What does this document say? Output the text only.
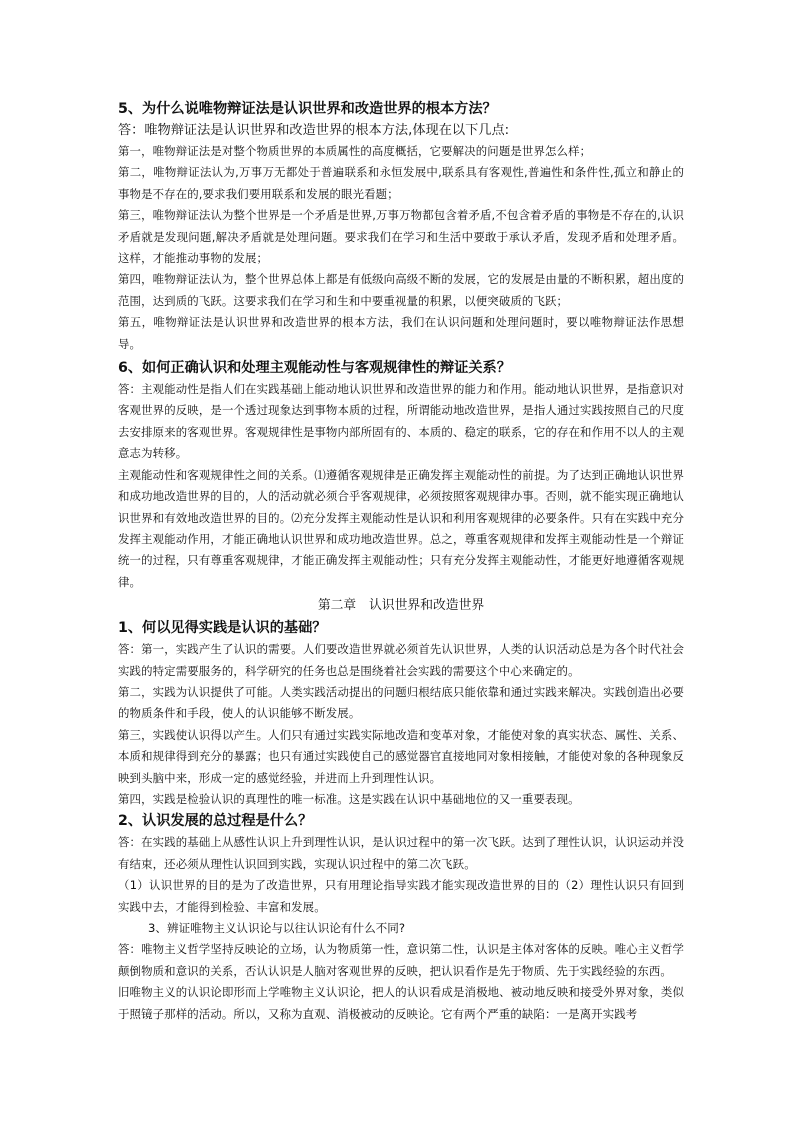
5、为什么说唯物辩证法是认识世界和改造世界的根本方法？

答：唯物辩证法是认识世界和改造世界的根本方法,体现在以下几点:

第一，唯物辩证法是对整个物质世界的本质属性的高度概括，它要解决的问题是世界怎么样；

第二，唯物辩证法认为,万事万无都处于普遍联系和永恒发展中,联系具有客观性,普遍性和条件性,孤立和静止的事物是不存在的,要求我们要用联系和发展的眼光看题；

第三，唯物辩证法认为整个世界是一个矛盾是世界,万事万物都包含着矛盾,不包含着矛盾的事物是不存在的,认识矛盾就是发现问题,解决矛盾就是处理问题。要求我们在学习和生活中要敢于承认矛盾，发现矛盾和处理矛盾。这样，才能推动事物的发展；

第四，唯物辩证法认为，整个世界总体上都是有低级向高级不断的发展，它的发展是由量的不断积累，超出度的范围，达到质的飞跃。这要求我们在学习和生和中要重视量的积累，以便突破质的飞跃；

第五，唯物辩证法是认识世界和改造世界的根本方法，我们在认识问题和处理问题时，要以唯物辩证法作思想导。

6、如何正确认识和处理主观能动性与客观规律性的辩证关系？

答：主观能动性是指人们在实践基础上能动地认识世界和改造世界的能力和作用。能动地认识世界，是指意识对客观世界的反映，是一个透过现象达到事物本质的过程，所谓能动地改造世界，是指人通过实践按照自己的尺度去安排原来的客观世界。客观规律性是事物内部所固有的、本质的、稳定的联系，它的存在和作用不以人的主观意志为转移。

主观能动性和客观规律性之间的关系。⑴遵循客观规律是正确发挥主观能动性的前提。为了达到正确地认识世界和成功地改造世界的目的，人的活动就必须合乎客观规律，必须按照客观规律办事。否则，就不能实现正确地认识世界和有效地改造世界的目的。⑵充分发挥主观能动性是认识和利用客观规律的必要条件。只有在实践中充分发挥主观能动作用，才能正确地认识世界和成功地改造世界。总之，尊重客观规律和发挥主观能动性是一个辩证统一的过程，只有尊重客观规律，才能正确发挥主观能动性；只有充分发挥主观能动性，才能更好地遵循客观规律。

第二章　认识世界和改造世界

1、何以见得实践是认识的基础？

答：第一，实践产生了认识的需要。人们要改造世界就必须首先认识世界，人类的认识活动总是为各个时代社会实践的特定需要服务的，科学研究的任务也总是围绕着社会实践的需要这个中心来确定的。

第二，实践为认识提供了可能。人类实践活动提出的问题归根结底只能依靠和通过实践来解决。实践创造出必要的物质条件和手段，使人的认识能够不断发展。

第三，实践使认识得以产生。人们只有通过实践实际地改造和变革对象，才能使对象的真实状态、属性、关系、本质和规律得到充分的暴露；也只有通过实践使自己的感觉器官直接地同对象相接触，才能使对象的各种现象反映到头脑中来，形成一定的感觉经验，并进而上升到理性认识。

第四，实践是检验认识的真理性的唯一标准。这是实践在认识中基础地位的又一重要表现。

2、认识发展的总过程是什么？

答：在实践的基础上从感性认识上升到理性认识，是认识过程中的第一次飞跃。达到了理性认识，认识运动并没有结束，还必须从理性认识回到实践，实现认识过程中的第二次飞跃。

（1）认识世界的目的是为了改造世界，只有用理论指导实践才能实现改造世界的目的（2）理性认识只有回到实践中去，才能得到检验、丰富和发展。

3、辨证唯物主义认识论与以往认识论有什么不同?

答：唯物主义哲学坚持反映论的立场，认为物质第一性，意识第二性，认识是主体对客体的反映。唯心主义哲学颠倒物质和意识的关系，否认认识是人脑对客观世界的反映，把认识看作是先于物质、先于实践经验的东西。

旧唯物主义的认识论即形而上学唯物主义认识论，把人的认识看成是消极地、被动地反映和接受外界对象，类似于照镜子那样的活动。所以，又称为直观、消极被动的反映论。它有两个严重的缺陷：一是离开实践考
